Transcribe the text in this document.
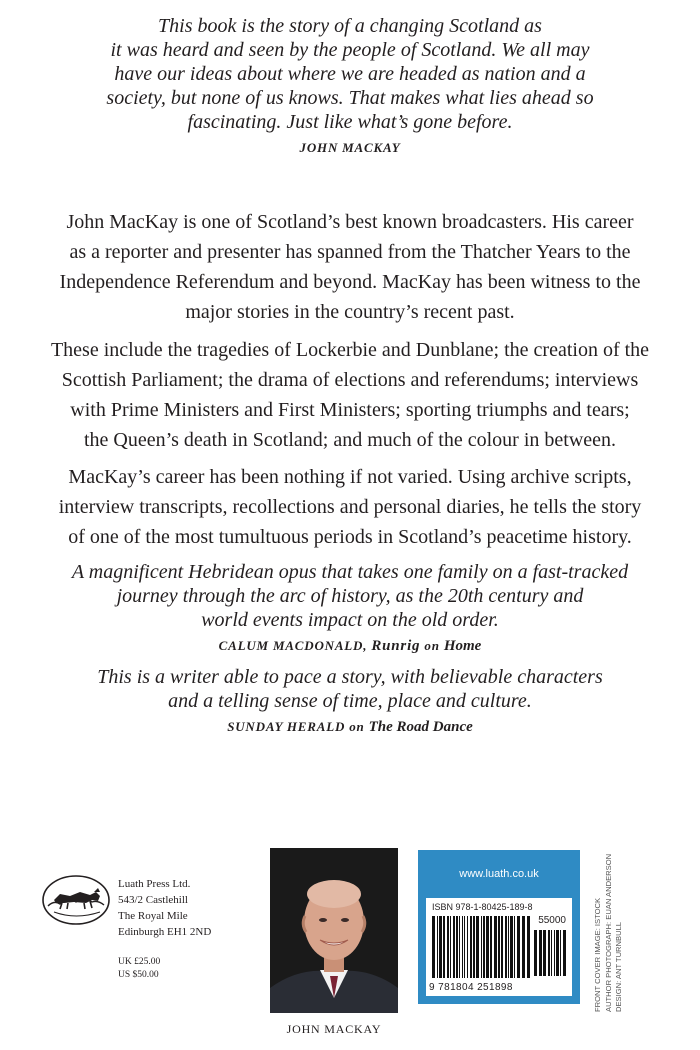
This book is the story of a changing Scotland as
it was heard and seen by the people of Scotland. We all may
have our ideas about where we are headed as nation and a
society, but none of us knows. That makes what lies ahead so
fascinating. Just like what’s gone before.
JOHN MACKAY
John MacKay is one of Scotland’s best known broadcasters. His career
as a reporter and presenter has spanned from the Thatcher Years to the
Independence Referendum and beyond. MacKay has been witness to the
major stories in the country’s recent past.
These include the tragedies of Lockerbie and Dunblane; the creation of the
Scottish Parliament; the drama of elections and referendums; interviews
with Prime Ministers and First Ministers; sporting triumphs and tears;
the Queen’s death in Scotland; and much of the colour in between.
MacKay’s career has been nothing if not varied. Using archive scripts,
interview transcripts, recollections and personal diaries, he tells the story
of one of the most tumultuous periods in Scotland’s peacetime history.
A magnificent Hebridean opus that takes one family on a fast-tracked
journey through the arc of history, as the 20th century and
world events impact on the old order.
CALUM MACDONALD, Runrig on Home
This is a writer able to pace a story, with believable characters
and a telling sense of time, place and culture.
SUNDAY HERALD on The Road Dance
Luath Press Ltd.
543/2 Castlehill
The Royal Mile
Edinburgh EH1 2ND
UK £25.00
US $50.00
JOHN MACKAY
www.luath.co.uk
ISBN 978-1-80425-189-8
55000
9 781804 251898	FRONT COVER IMAGE: ISTOCK AUTHOR PHOTOGRAPH: EUAN ANDERSON DESIGN: ANT TURNBULL
